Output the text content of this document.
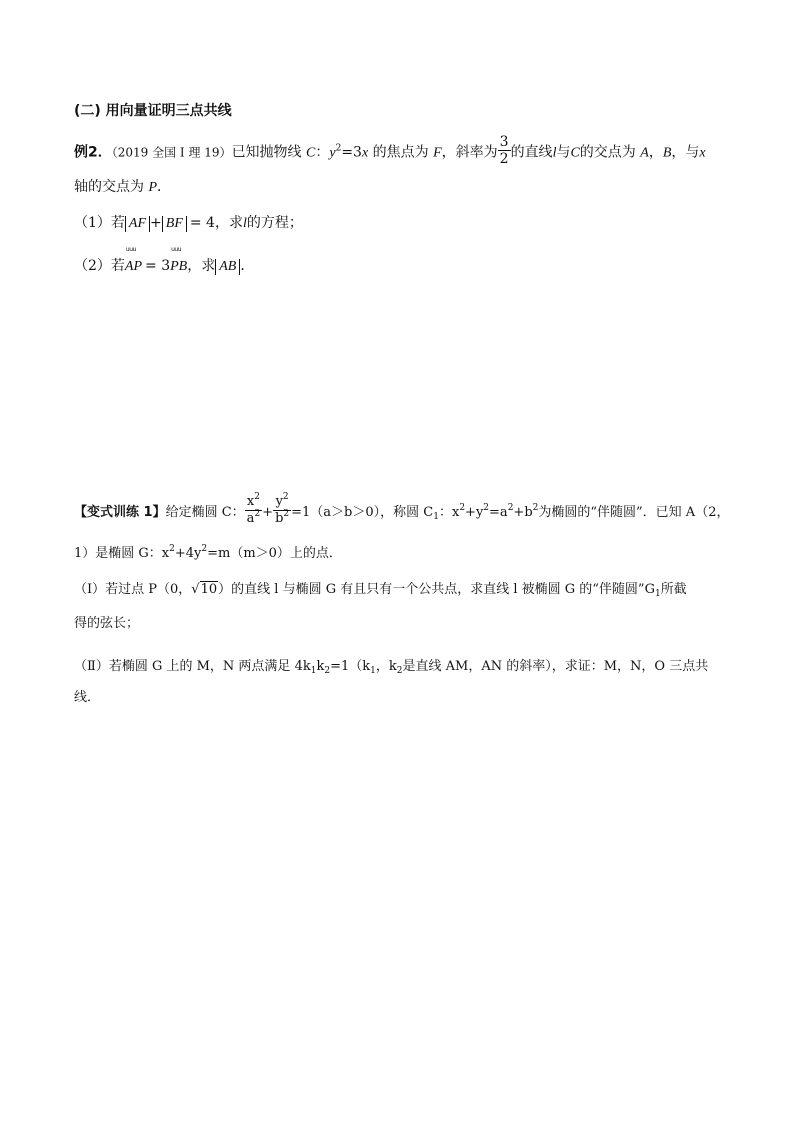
(二) 用向量证明三点共线
例2．（2019 全国 I 理 19）已知抛物线 C：$y^2=3x$ 的焦点为 F，斜率为 $\frac{3}{2}$ 的直线l与C的交点为 A，B，与x
轴的交点为 P．
（1）若 AF + BF = 4，求l的方程；
（2）若
uuu
AP = 3
uuu
PB，求 AB ．
【变式训练 1】给定椭圆 C： $\frac{x^2}{a^2} + \frac{y^2}{b^2} =1(a>b>0)$，称圆 $C_1$：$x^2+y^2=a^2+b^2$为椭圆的“伴随圆”．已知 A（2，
1）是椭圆 G：$x^2+4y^2=m(m>0)$上的点．
（Ⅰ）若过点 P（0，√10）的直线 l 与椭圆 G 有且只有一个公共点，求直线 l 被椭圆 G 的“伴随圆$”G_1$所截
得的弦长；
（Ⅱ）若椭圆 G 上的 M，N 两点满足 $4k_1k_2=1(k_1$，$k_2$是直线 AM，AN 的斜率），求证：M，N，O 三点共
线．
